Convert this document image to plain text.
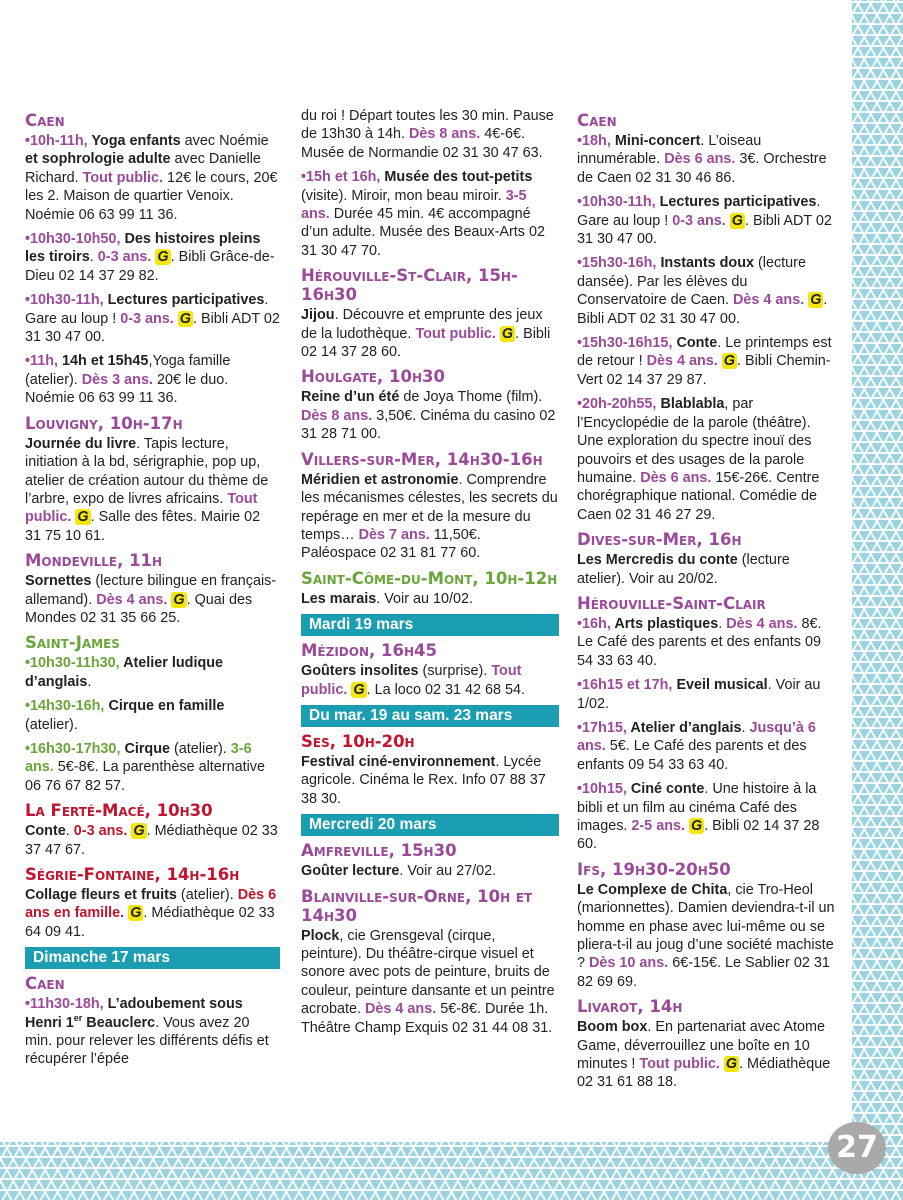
Caen
•10h-11h, Yoga enfants avec Noémie et sophrologie adulte avec Danielle Richard. Tout public. 12€ le cours, 20€ les 2. Maison de quartier Venoix. Noémie 06 63 99 11 36.
•10h30-10h50, Des histoires pleins les tiroirs. 0-3 ans. G . Bibli Grâce-de-Dieu 02 14 37 29 82.
•10h30-11h, Lectures participatives. Gare au loup ! 0-3 ans. G . Bibli ADT 02 31 30 47 00.
•11h, 14h et 15h45,Yoga famille (atelier). Dès 3 ans. 20€ le duo. Noémie 06 63 99 11 36.
Louvigny, 10h-17h
Journée du livre. Tapis lecture, initiation à la bd, sérigraphie, pop up, atelier de création autour du thème de l’arbre, expo de livres africains. Tout public. G . Salle des fêtes. Mairie 02 31 75 10 61.
Mondeville, 11h
Sornettes (lecture bilingue en français-allemand). Dès 4 ans. G . Quai des Mondes 02 31 35 66 25.
Saint-James
•10h30-11h30, Atelier ludique d’anglais.
•14h30-16h, Cirque en famille (atelier).
•16h30-17h30, Cirque (atelier). 3-6 ans. 5€-8€. La parenthèse alternative 06 76 67 82 57.
La Ferté-Macé, 10h30
Conte. 0-3 ans. G . Médiathèque 02 33 37 47 67.
Ségrie-Fontaine, 14h-16h
Collage fleurs et fruits (atelier). Dès 6 ans en famille. G . Médiathèque 02 33 64 09 41.
Dimanche 17 mars
Caen
•11h30-18h, L’adoubement sous Henri 1er Beauclerc. Vous avez 20 min. pour relever les différents défis et récupérer l’épée
du roi ! Départ toutes les 30 min. Pause de 13h30 à 14h. Dès 8 ans. 4€-6€. Musée de Normandie 02 31 30 47 63.
•15h et 16h, Musée des tout-petits (visite). Miroir, mon beau miroir. 3-5 ans. Durée 45 min. 4€ accompagné d’un adulte. Musée des Beaux-Arts 02 31 30 47 70.
Hérouville-St-Clair, 15h-16h30
Jijou. Découvre et emprunte des jeux de la ludothèque. Tout public. G . Bibli 02 14 37 28 60.
Houlgate, 10h30
Reine d’un été de Joya Thome (film). Dès 8 ans. 3,50€. Cinéma du casino 02 31 28 71 00.
Villers-sur-Mer, 14h30-16h
Méridien et astronomie. Comprendre les mécanismes célestes, les secrets du repérage en mer et de la mesure du temps… Dès 7 ans. 11,50€. Paléospace 02 31 81 77 60.
Saint-Côme-du-Mont, 10h-12h
Les marais. Voir au 10/02.
Mardi 19 mars
Mézidon, 16h45
Goûters insolites (surprise). Tout public. G . La loco 02 31 42 68 54.
Du mar. 19 au sam. 23 mars
Ses, 10h-20h
Festival ciné-environnement. Lycée agricole. Cinéma le Rex. Info 07 88 37 38 30.
Mercredi 20 mars
Amfreville, 15h30
Goûter lecture. Voir au 27/02.
Blainville-sur-Orne, 10h et 14h30
Plock, cie Grensgeval (cirque, peinture). Du théâtre-cirque visuel et sonore avec pots de peinture, bruits de couleur, peinture dansante et un peintre acrobate. Dès 4 ans. 5€-8€. Durée 1h. Théâtre Champ Exquis 02 31 44 08 31.
Caen
•18h, Mini-concert. L’oiseau innumérable. Dès 6 ans. 3€. Orchestre de Caen 02 31 30 46 86.
•10h30-11h, Lectures participatives. Gare au loup ! 0-3 ans. G . Bibli ADT 02 31 30 47 00.
•15h30-16h, Instants doux (lecture dansée). Par les élèves du Conservatoire de Caen. Dès 4 ans. G . Bibli ADT 02 31 30 47 00.
•15h30-16h15, Conte. Le printemps est de retour ! Dès 4 ans. G . Bibli Chemin-Vert 02 14 37 29 87.
•20h-20h55, Blablabla, par l’Encyclopédie de la parole (théâtre). Une exploration du spectre inouï des pouvoirs et des usages de la parole humaine. Dès 6 ans. 15€-26€. Centre chorégraphique national. Comédie de Caen 02 31 46 27 29.
Dives-sur-Mer, 16h
Les Mercredis du conte (lecture atelier). Voir au 20/02.
Hérouville-Saint-Clair
•16h, Arts plastiques. Dès 4 ans. 8€. Le Café des parents et des enfants 09 54 33 63 40.
•16h15 et 17h, Eveil musical. Voir au 1/02.
•17h15, Atelier d’anglais. Jusqu’à 6 ans. 5€. Le Café des parents et des enfants 09 54 33 63 40.
•10h15, Ciné conte. Une histoire à la bibli et un film au cinéma Café des images. 2-5 ans. G . Bibli 02 14 37 28 60.
Ifs, 19h30-20h50
Le Complexe de Chita, cie Tro-Heol (marionnettes). Damien deviendra-t-il un homme en phase avec lui-même ou se pliera-t-il au joug d’une société machiste ? Dès 10 ans. 6€-15€. Le Sablier 02 31 82 69 69.
Livarot, 14h
Boom box. En partenariat avec Atome Game, déverrouillez une boîte en 10 minutes ! Tout public. G . Médiathèque 02 31 61 88 18.
27
